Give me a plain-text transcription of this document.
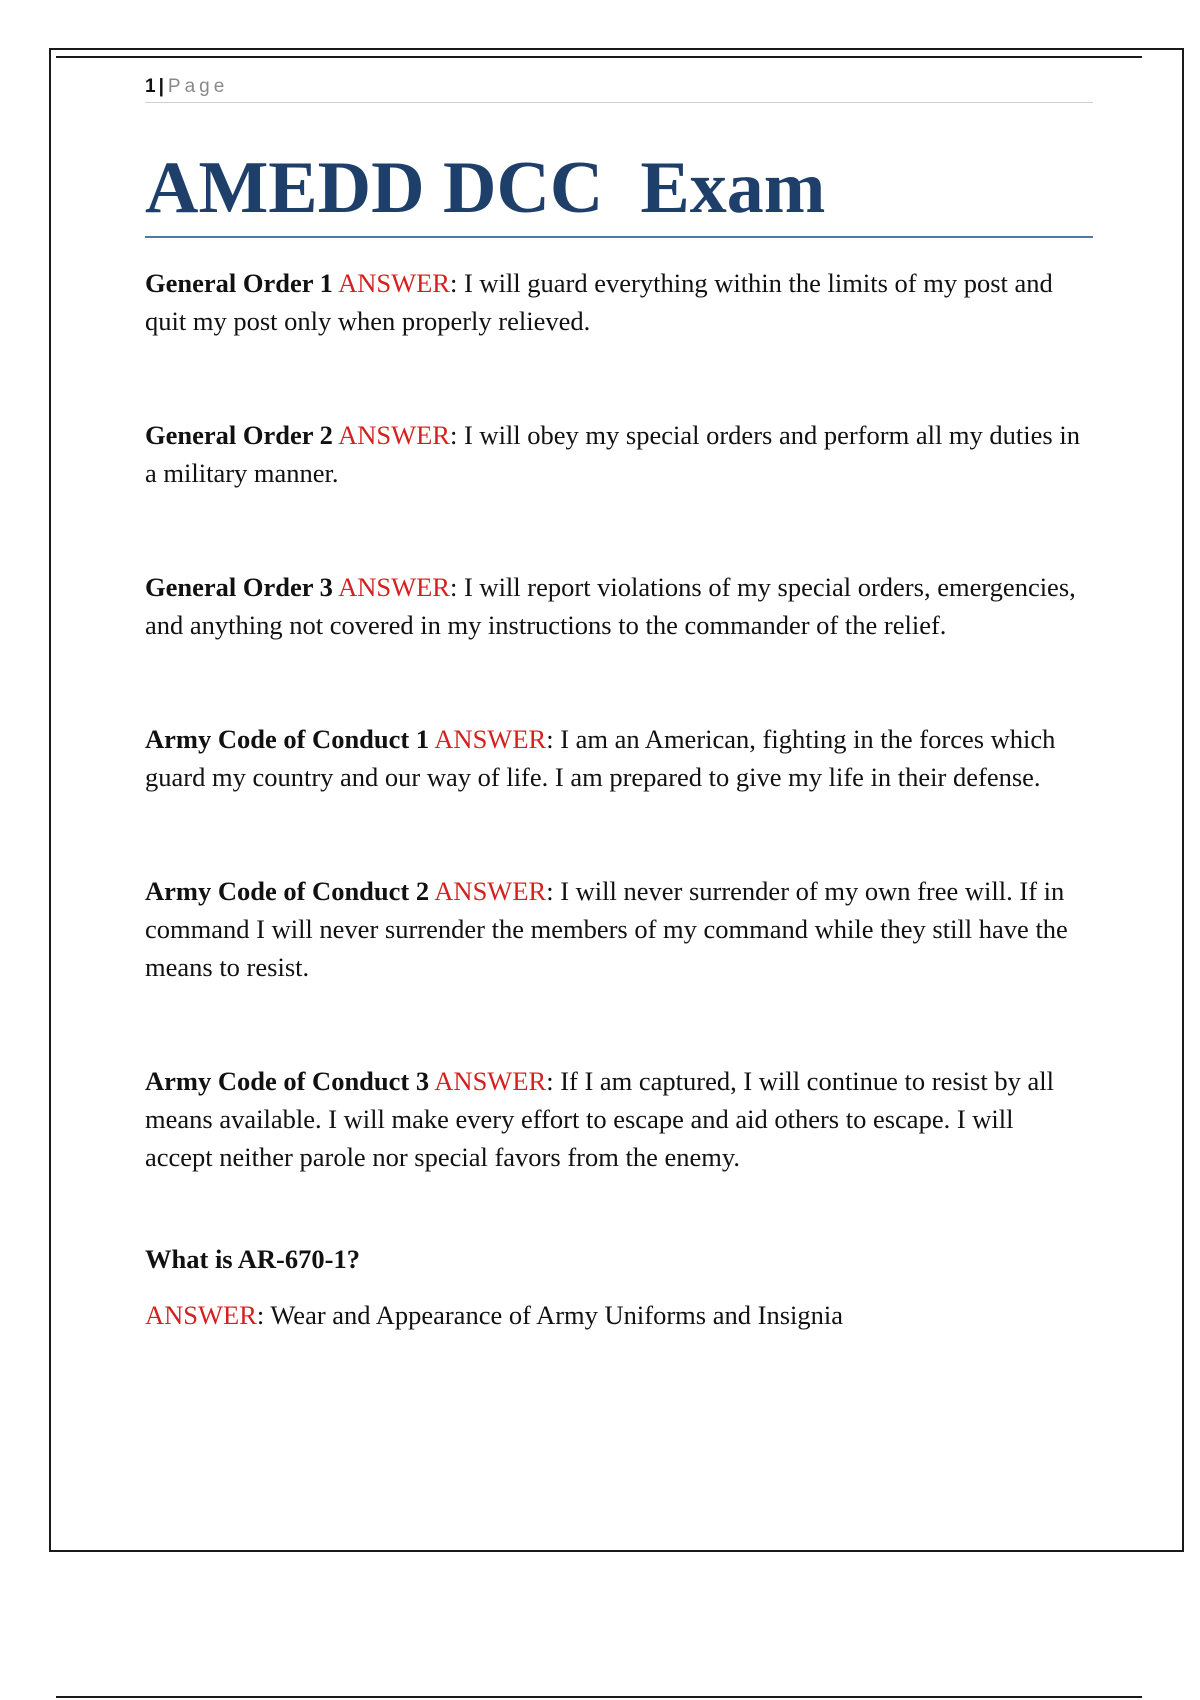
1 | Page
AMEDD DCC  Exam

General Order 1 ANSWER: I will guard everything within the limits of my post and quit my post only when properly relieved.

General Order 2 ANSWER: I will obey my special orders and perform all my duties in a military manner.

General Order 3 ANSWER: I will report violations of my special orders, emergencies, and anything not covered in my instructions to the commander of the relief.

Army Code of Conduct 1 ANSWER: I am an American, fighting in the forces which guard my country and our way of life. I am prepared to give my life in their defense.

Army Code of Conduct 2 ANSWER: I will never surrender of my own free will. If in command I will never surrender the members of my command while they still have the means to resist.

Army Code of Conduct 3 ANSWER: If I am captured, I will continue to resist by all means available. I will make every effort to escape and aid others to escape. I will accept neither parole nor special favors from the enemy.

What is AR-670-1?

ANSWER: Wear and Appearance of Army Uniforms and Insignia
